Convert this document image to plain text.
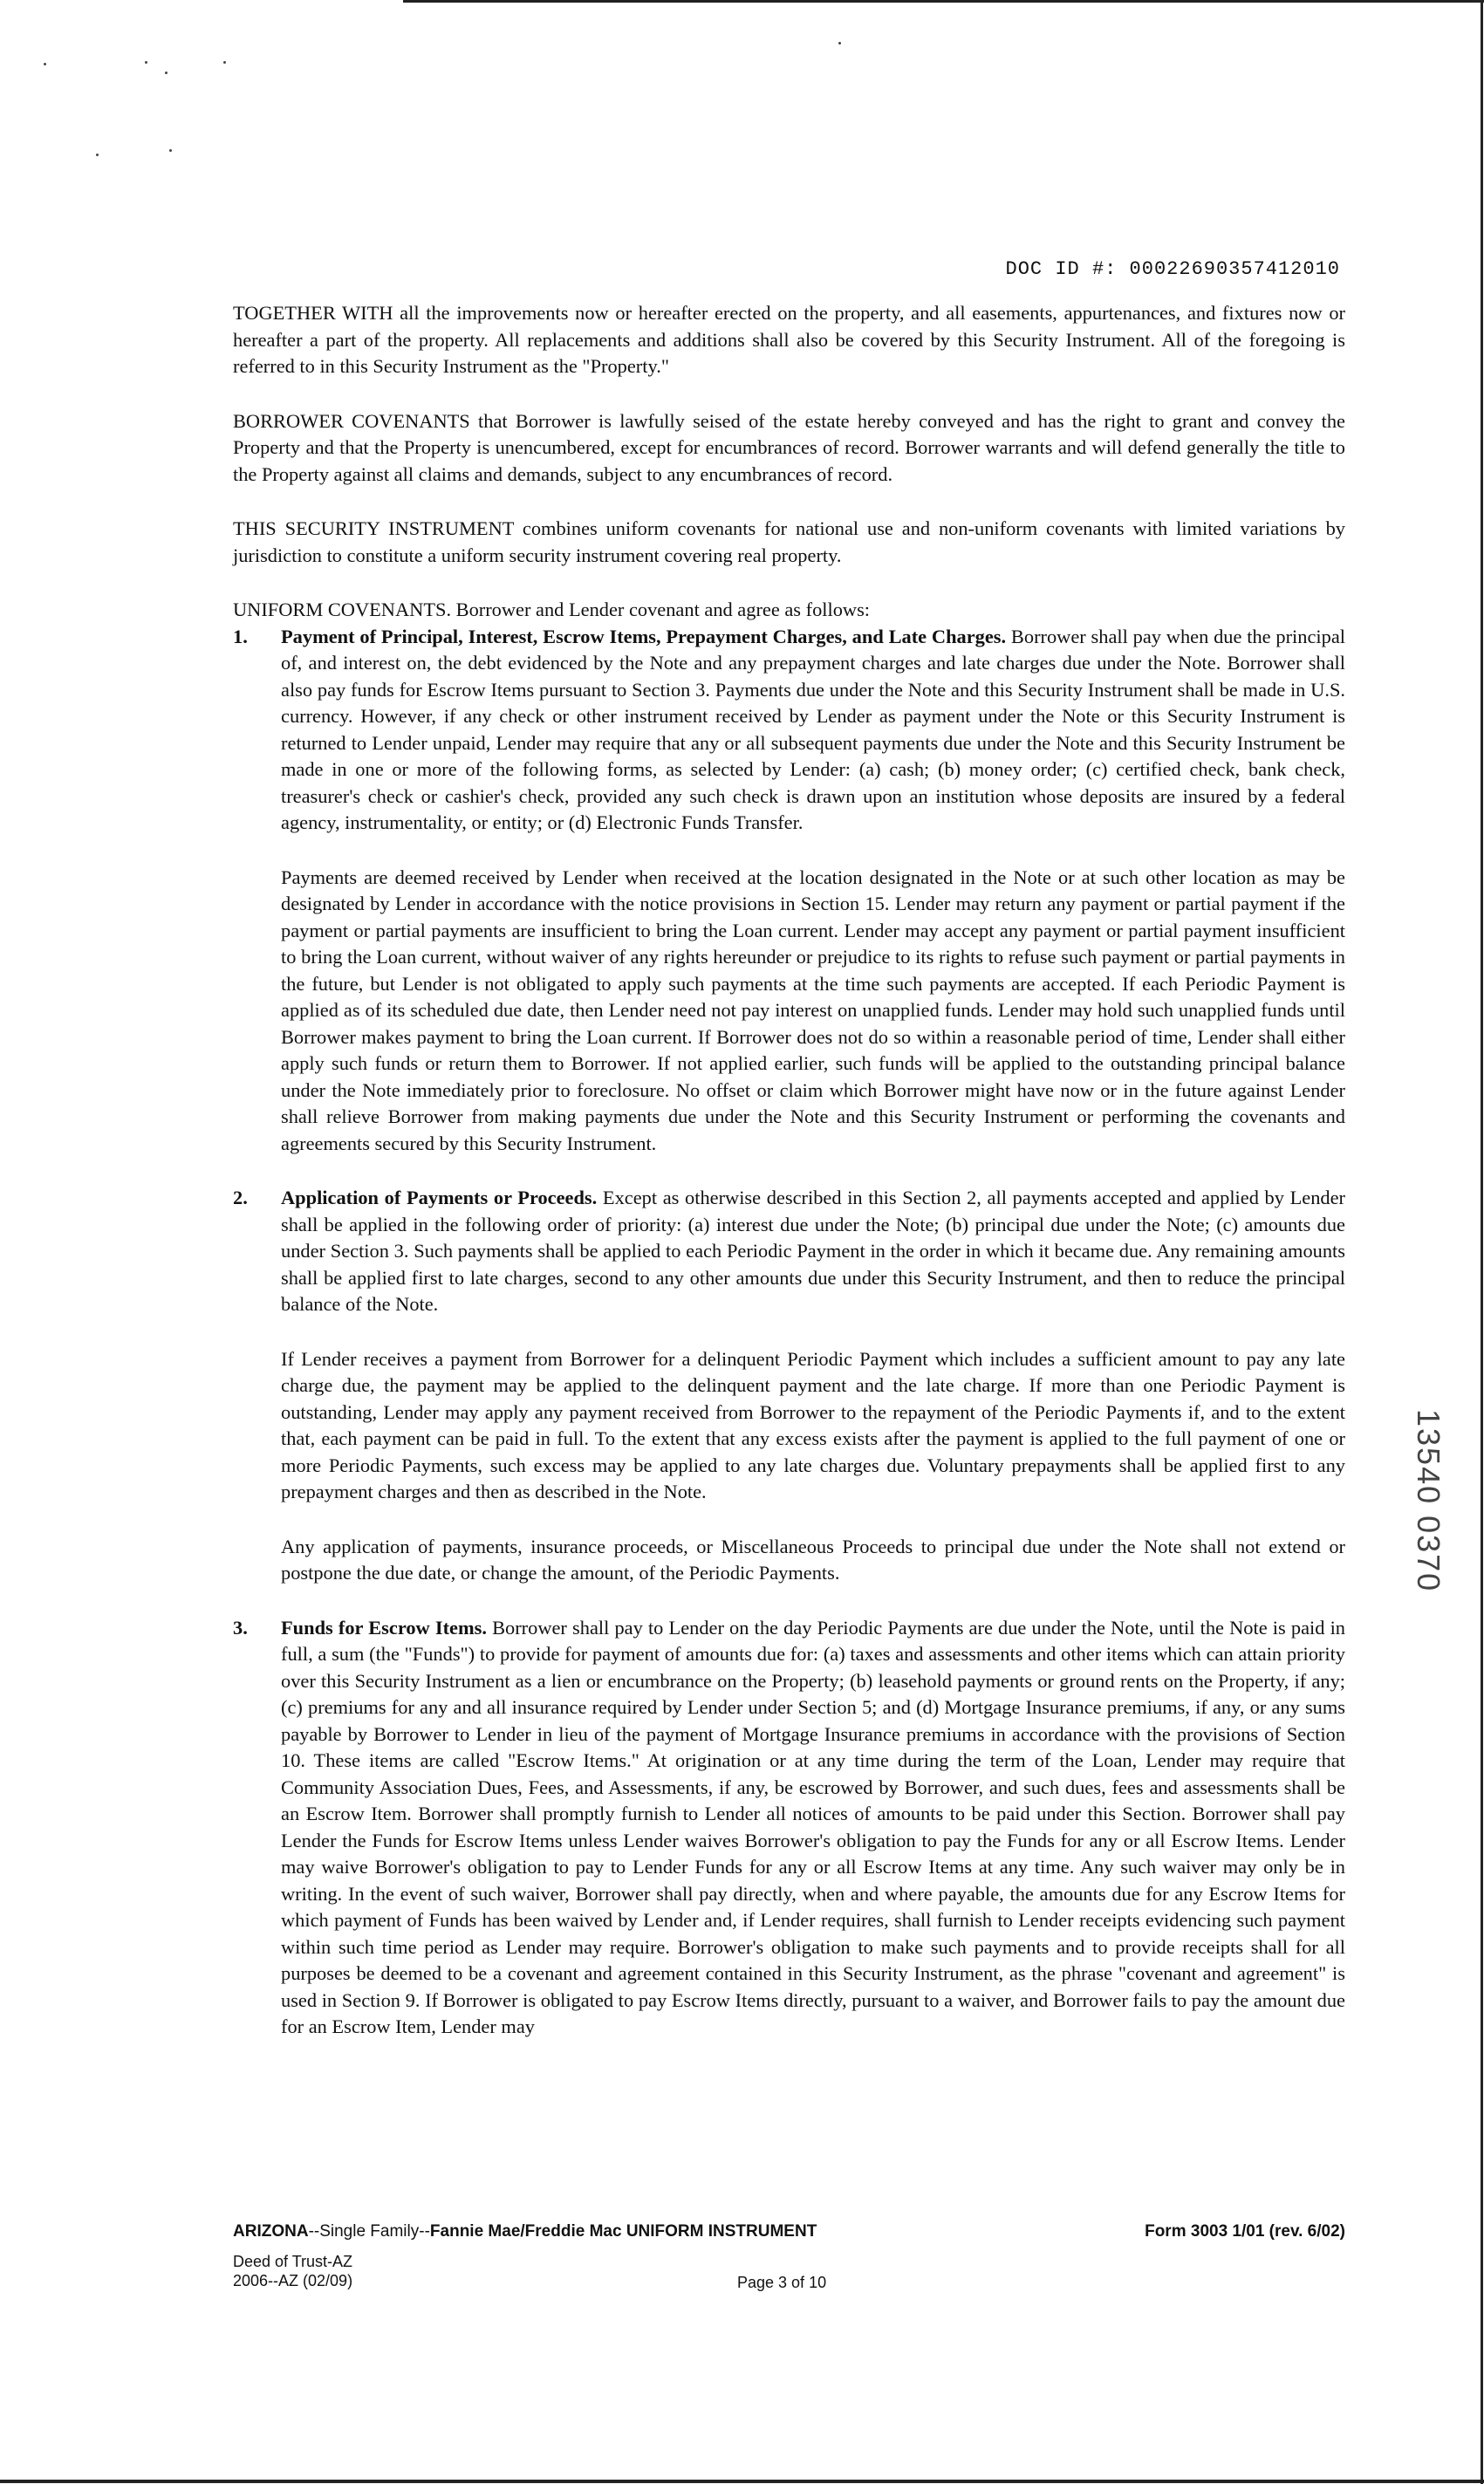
DOC ID #: 00022690357412010

TOGETHER WITH all the improvements now or hereafter erected on the property, and all easements, appurtenances, and fixtures now or hereafter a part of the property. All replacements and additions shall also be covered by this Security Instrument. All of the foregoing is referred to in this Security Instrument as the "Property."

BORROWER COVENANTS that Borrower is lawfully seised of the estate hereby conveyed and has the right to grant and convey the Property and that the Property is unencumbered, except for encumbrances of record. Borrower warrants and will defend generally the title to the Property against all claims and demands, subject to any encumbrances of record.

THIS SECURITY INSTRUMENT combines uniform covenants for national use and non-uniform covenants with limited variations by jurisdiction to constitute a uniform security instrument covering real property.

UNIFORM COVENANTS. Borrower and Lender covenant and agree as follows:

1.	Payment of Principal, Interest, Escrow Items, Prepayment Charges, and Late Charges. Borrower shall pay when due the principal of, and interest on, the debt evidenced by the Note and any prepayment charges and late charges due under the Note. Borrower shall also pay funds for Escrow Items pursuant to Section 3. Payments due under the Note and this Security Instrument shall be made in U.S. currency. However, if any check or other instrument received by Lender as payment under the Note or this Security Instrument is returned to Lender unpaid, Lender may require that any or all subsequent payments due under the Note and this Security Instrument be made in one or more of the following forms, as selected by Lender: (a) cash; (b) money order; (c) certified check, bank check, treasurer's check or cashier's check, provided any such check is drawn upon an institution whose deposits are insured by a federal agency, instrumentality, or entity; or (d) Electronic Funds Transfer.

Payments are deemed received by Lender when received at the location designated in the Note or at such other location as may be designated by Lender in accordance with the notice provisions in Section 15. Lender may return any payment or partial payment if the payment or partial payments are insufficient to bring the Loan current. Lender may accept any payment or partial payment insufficient to bring the Loan current, without waiver of any rights hereunder or prejudice to its rights to refuse such payment or partial payments in the future, but Lender is not obligated to apply such payments at the time such payments are accepted. If each Periodic Payment is applied as of its scheduled due date, then Lender need not pay interest on unapplied funds. Lender may hold such unapplied funds until Borrower makes payment to bring the Loan current. If Borrower does not do so within a reasonable period of time, Lender shall either apply such funds or return them to Borrower. If not applied earlier, such funds will be applied to the outstanding principal balance under the Note immediately prior to foreclosure. No offset or claim which Borrower might have now or in the future against Lender shall relieve Borrower from making payments due under the Note and this Security Instrument or performing the covenants and agreements secured by this Security Instrument.

2.	Application of Payments or Proceeds. Except as otherwise described in this Section 2, all payments accepted and applied by Lender shall be applied in the following order of priority: (a) interest due under the Note; (b) principal due under the Note; (c) amounts due under Section 3. Such payments shall be applied to each Periodic Payment in the order in which it became due. Any remaining amounts shall be applied first to late charges, second to any other amounts due under this Security Instrument, and then to reduce the principal balance of the Note.

If Lender receives a payment from Borrower for a delinquent Periodic Payment which includes a sufficient amount to pay any late charge due, the payment may be applied to the delinquent payment and the late charge. If more than one Periodic Payment is outstanding, Lender may apply any payment received from Borrower to the repayment of the Periodic Payments if, and to the extent that, each payment can be paid in full. To the extent that any excess exists after the payment is applied to the full payment of one or more Periodic Payments, such excess may be applied to any late charges due. Voluntary prepayments shall be applied first to any prepayment charges and then as described in the Note.

Any application of payments, insurance proceeds, or Miscellaneous Proceeds to principal due under the Note shall not extend or postpone the due date, or change the amount, of the Periodic Payments.

3.	Funds for Escrow Items. Borrower shall pay to Lender on the day Periodic Payments are due under the Note, until the Note is paid in full, a sum (the "Funds") to provide for payment of amounts due for: (a) taxes and assessments and other items which can attain priority over this Security Instrument as a lien or encumbrance on the Property; (b) leasehold payments or ground rents on the Property, if any; (c) premiums for any and all insurance required by Lender under Section 5; and (d) Mortgage Insurance premiums, if any, or any sums payable by Borrower to Lender in lieu of the payment of Mortgage Insurance premiums in accordance with the provisions of Section 10. These items are called "Escrow Items." At origination or at any time during the term of the Loan, Lender may require that Community Association Dues, Fees, and Assessments, if any, be escrowed by Borrower, and such dues, fees and assessments shall be an Escrow Item. Borrower shall promptly furnish to Lender all notices of amounts to be paid under this Section. Borrower shall pay Lender the Funds for Escrow Items unless Lender waives Borrower's obligation to pay the Funds for any or all Escrow Items. Lender may waive Borrower's obligation to pay to Lender Funds for any or all Escrow Items at any time. Any such waiver may only be in writing. In the event of such waiver, Borrower shall pay directly, when and where payable, the amounts due for any Escrow Items for which payment of Funds has been waived by Lender and, if Lender requires, shall furnish to Lender receipts evidencing such payment within such time period as Lender may require. Borrower's obligation to make such payments and to provide receipts shall for all purposes be deemed to be a covenant and agreement contained in this Security Instrument, as the phrase "covenant and agreement" is used in Section 9. If Borrower is obligated to pay Escrow Items directly, pursuant to a waiver, and Borrower fails to pay the amount due for an Escrow Item, Lender may

13540 0370
ARIZONA--Single Family--Fannie Mae/Freddie Mac UNIFORM INSTRUMENT	Form 3003 1/01 (rev. 6/02)
Deed of Trust-AZ
2006--AZ (02/09)	Page 3 of 10
